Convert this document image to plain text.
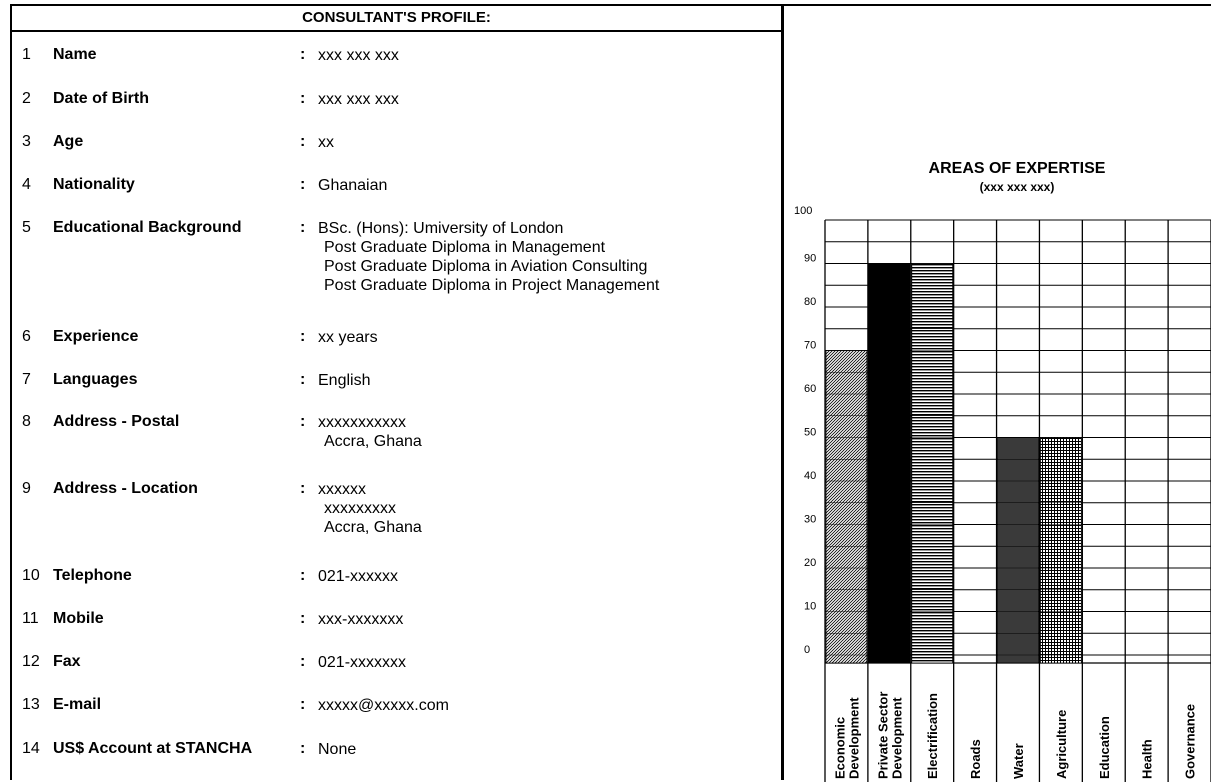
CONSULTANT'S PROFILE:
1 Name	: xxx xxx xxx
2 Date of Birth	: xxx xxx xxx
3 Age	: xx
4 Nationality	: Ghanaian
5 Educational Background	: BSc. (Hons): Umiversity of London
Post Graduate Diploma in Management
Post Graduate Diploma in Aviation Consulting
Post Graduate Diploma in Project Management
6 Experience	: xx years
7 Languages	: English
8 Address - Postal	: xxxxxxxxxxx
Accra, Ghana
9 Address - Location	: xxxxxx
xxxxxxxxx
Accra, Ghana
10 Telephone	: 021-xxxxxx
11 Mobile	: xxx-xxxxxxx
12 Fax	: 021-xxxxxxx
13 E-mail	: xxxxx@xxxxx.com
14 US$ Account at STANCHA	: None
AREAS OF EXPERTISE
(xxx xxx xxx)
100
90
80
70
60
50
40
30
20
10
0
Economic Development Private Sector Development Electrification Roads Water Agriculture Education Health Governance
